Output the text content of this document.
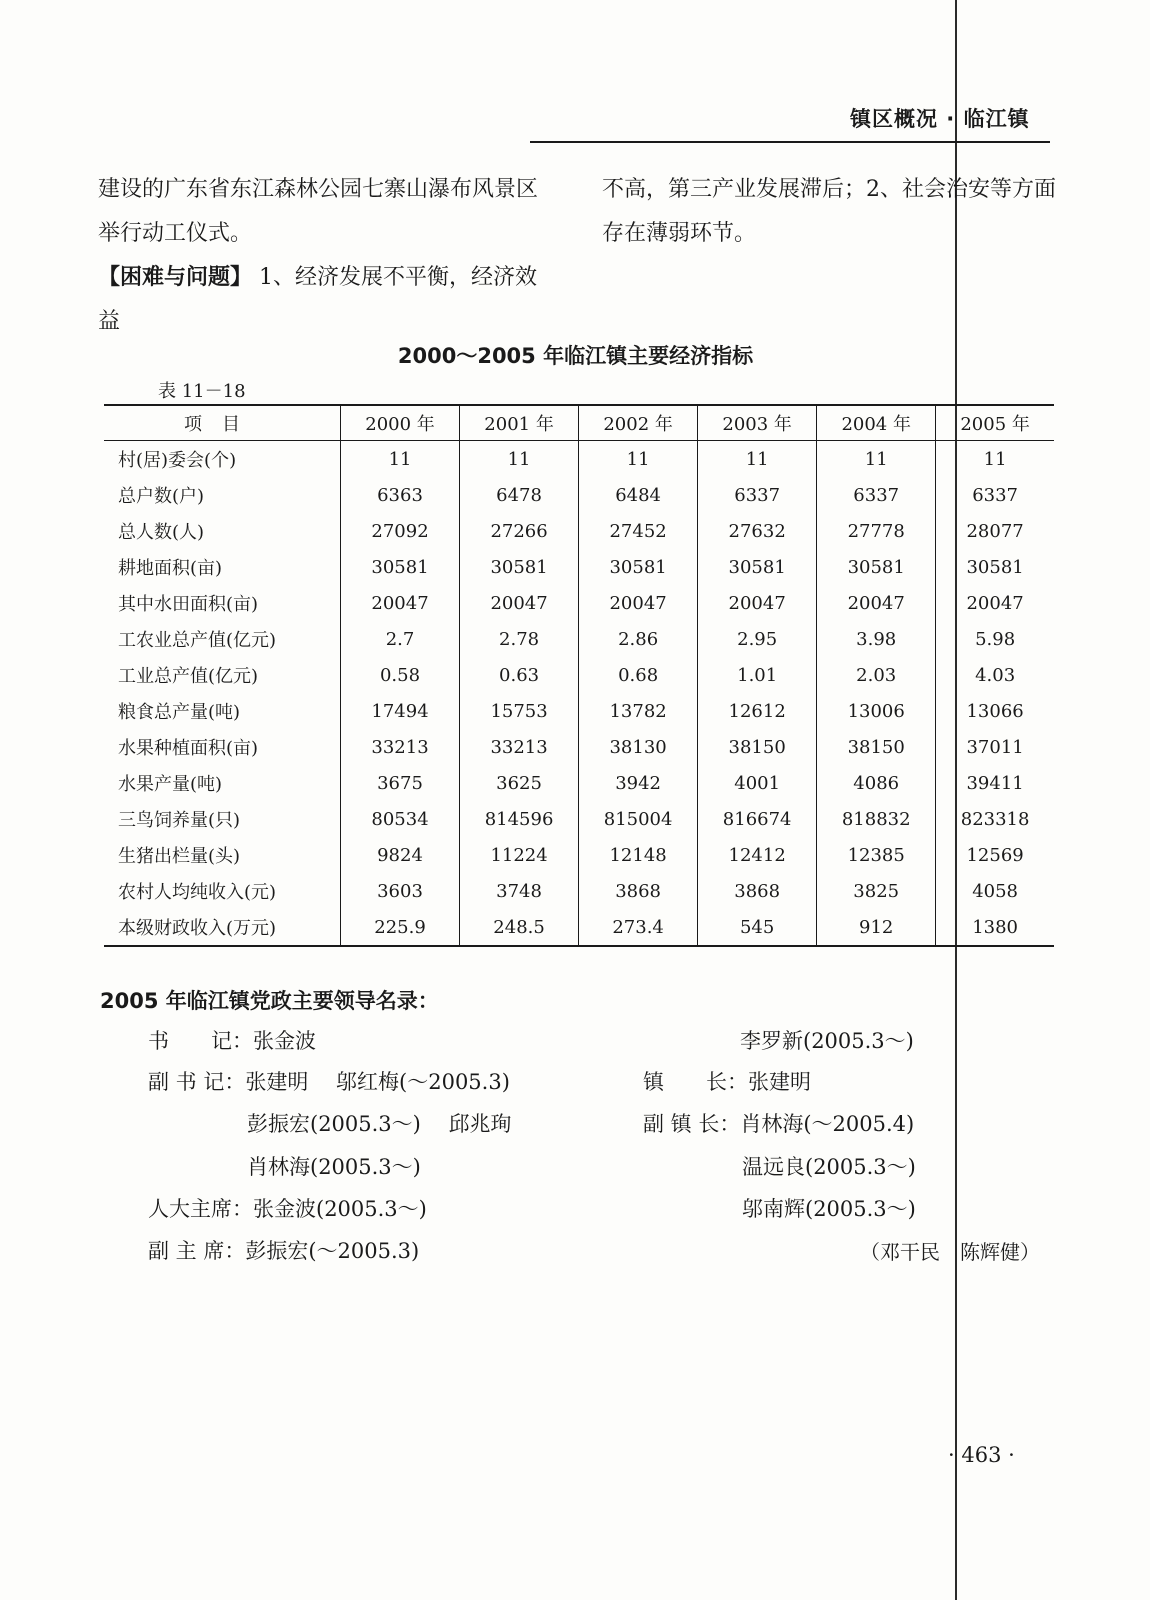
镇区概况 · 临江镇

建设的广东省东江森林公园七寨山瀑布风景区举行动工仪式。
【困难与问题】 1、经济发展不平衡，经济效益

不高，第三产业发展滞后；2、社会治安等方面存在薄弱环节。

2000～2005 年临江镇主要经济指标
表 11－18
项目	2000 年	2001 年	2002 年	2003 年	2004 年	2005 年
村(居)委会(个)	11	11	11	11	11	11
总户数(户)	6363	6478	6484	6337	6337	6337
总人数(人)	27092	27266	27452	27632	27778	28077
耕地面积(亩)	30581	30581	30581	30581	30581	30581
其中水田面积(亩)	20047	20047	20047	20047	20047	20047
工农业总产值(亿元)	2.7	2.78	2.86	2.95	3.98	5.98
工业总产值(亿元)	0.58	0.63	0.68	1.01	2.03	4.03
粮食总产量(吨)	17494	15753	13782	12612	13006	13066
水果种植面积(亩)	33213	33213	38130	38150	38150	37011
水果产量(吨)	3675	3625	3942	4001	4086	39411
三鸟饲养量(只)	80534	814596	815004	816674	818832	823318
生猪出栏量(头)	9824	11224	12148	12412	12385	12569
农村人均纯收入(元)	3603	3748	3868	3868	3825	4058
本级财政收入(万元)	225.9	248.5	273.4	545	912	1380
2005 年临江镇党政主要领导名录：
书　　记：张金波
副 书 记：张建明　 邬红梅(～2005.3)
彭振宏(2005.3～)　 邱兆珣
肖林海(2005.3～)
人大主席：张金波(2005.3～)
副 主 席：彭振宏(～2005.3)
李罗新(2005.3～)
镇　　长：张建明
副 镇 长：肖林海(～2005.4)
温远良(2005.3～)
邬南辉(2005.3～)
（邓干民　陈辉健）
· 463 ·
